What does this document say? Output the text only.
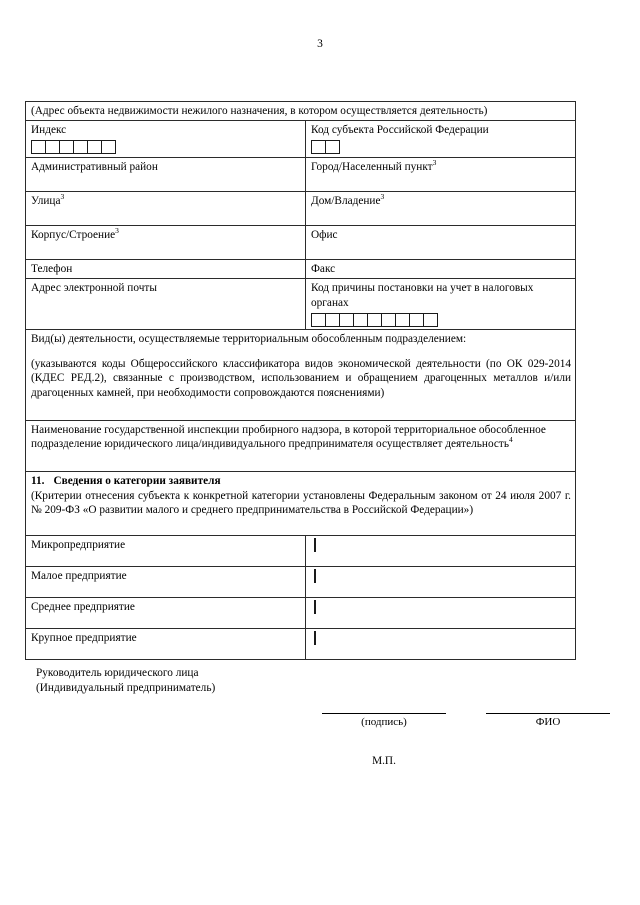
3
(Адрес объекта недвижимости нежилого назначения, в котором осуществляется деятельность)	
Индекс	Код субъекта Российской Федерации

Административный район	Город/Населенный пункт$^3$
Улица$^3$	Дом/Владение$^3$
Корпус/Строение$^3$	Офис
Телефон	Факс
Адрес электронной почты	Код причины постановки на учет в налоговых органах

Вид(ы) деятельности, осуществляемые территориальным обособленным подразделением:
(указываются коды Общероссийского классификатора видов экономической деятельности (по ОК 029-2014 (КДЕС РЕД.2), связанные с производством, использованием и обращением драгоценных металлов и/или драгоценных камней, при необходимости сопровождаются пояснениями)	

Наименование государственной инспекции пробирного надзора, в которой территориальное обособленное подразделение юридического лица/индивидуального предпринимателя осуществляет деятельность$^4$

11. Сведения о категории заявителя
(Критерии отнесения субъекта к конкретной категории установлены Федеральным законом от 24 июля 2007 г. № 209-ФЗ «О развитии малого и среднего предпринимательства в Российской Федерации»)	

Микропредприятие	
Малое предприятие	
Среднее предприятие	
Крупное предприятие	
Руководитель юридического лица
(Индивидуальный предприниматель)
(подпись)	ФИО
М.П.
